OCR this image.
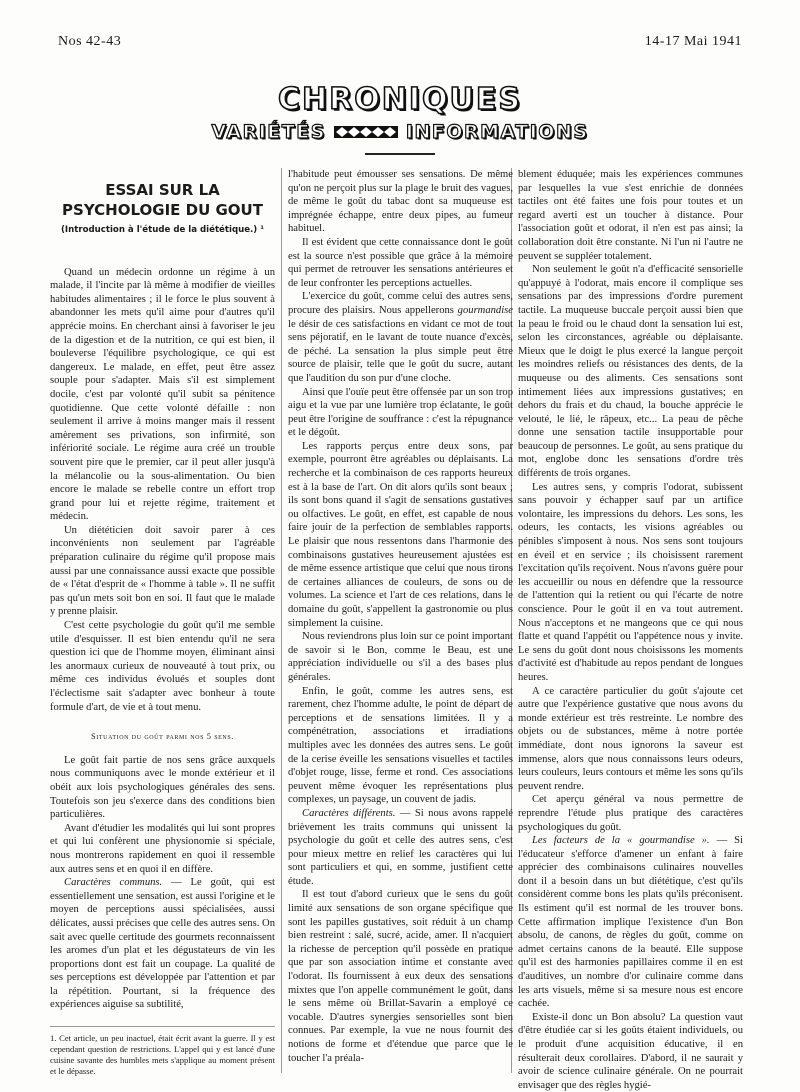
Nos 42-43	14-17 Mai 1941
CHRONIQUES
VARIÉTÉS	INFORMATIONS
ESSAI SUR LA PSYCHOLOGIE DU GOUT
(Introduction à l'étude de la diététique.) ¹

Quand un médecin ordonne un régime à un malade, il l'incite par là même à modifier de vieilles habitudes alimentaires ; il le force le plus souvent à abandonner les mets qu'il aime pour d'autres qu'il apprécie moins. En cherchant ainsi à favoriser le jeu de la digestion et de la nutrition, ce qui est bien, il bouleverse l'équilibre psychologique, ce qui est dangereux. Le malade, en effet, peut être assez souple pour s'adapter. Mais s'il est simplement docile, c'est par volonté qu'il subit sa pénitence quotidienne. Que cette volonté défaille : non seulement il arrive à moins manger mais il ressent amèrement ses privations, son infirmité, son infériorité sociale. Le régime aura créé un trouble souvent pire que le premier, car il peut aller jusqu'à la mélancolie ou la sous-alimentation. Ou bien encore le malade se rebelle contre un effort trop grand pour lui et rejette régime, traitement et médecin.

Un diététicien doit savoir parer à ces inconvénients non seulement par l'agréable préparation culinaire du régime qu'il propose mais aussi par une connaissance aussi exacte que possible de « l'état d'esprit de « l'homme à table ». Il ne suffit pas qu'un mets soit bon en soi. Il faut que le malade y prenne plaisir.

C'est cette psychologie du goût qu'il me semble utile d'esquisser. Il est bien entendu qu'il ne sera question ici que de l'homme moyen, éliminant ainsi les anormaux curieux de nouveauté à tout prix, ou même ces individus évolués et souples dont l'éclectisme sait s'adapter avec bonheur à toute formule d'art, de vie et à tout menu.

Situation du goût parmi nos 5 sens.

Le goût fait partie de nos sens grâce auxquels nous communiquons avec le monde extérieur et il obéit aux lois psychologiques générales des sens. Toutefois son jeu s'exerce dans des conditions bien particulières.

Avant d'étudier les modalités qui lui sont propres et qui lui confèrent une physionomie si spéciale, nous montrerons rapidement en quoi il ressemble aux autres sens et en quoi il en diffère.

Caractères communs. — Le goût, qui est essentiellement une sensation, est aussi l'origine et le moyen de perceptions aussi spécialisées, aussi délicates, aussi précises que celle des autres sens. On sait avec quelle certitude des gourmets reconnaissent les aromes d'un plat et les dégustateurs de vin les proportions dont est fait un coupage. La qualité de ses perceptions est développée par l'attention et par la répétition. Pourtant, si la fréquence des expériences aiguise sa subtilité,

1. Cet article, un peu inactuel, était écrit avant la guerre. Il y est cependant question de restrictions. L'appel qui y est lancé d'une cuisine savante des humbles mets s'applique au moment présent et le dépasse.

l'habitude peut émousser ses sensations. De même qu'on ne perçoit plus sur la plage le bruit des vagues, de même le goût du tabac dont sa muqueuse est imprégnée échappe, entre deux pipes, au fumeur habituel.

Il est évident que cette connaissance dont le goût est la source n'est possible que grâce à la mémoire qui permet de retrouver les sensations antérieures et de leur confronter les perceptions actuelles.

L'exercice du goût, comme celui des autres sens, procure des plaisirs. Nous appellerons gourmandise le désir de ces satisfactions en vidant ce mot de tout sens péjoratif, en le lavant de toute nuance d'excès, de péché. La sensation la plus simple peut être source de plaisir, telle que le goût du sucre, autant que l'audition du son pur d'une cloche.

Ainsi que l'ouïe peut être offensée par un son trop aigu et la vue par une lumière trop éclatante, le goût peut être l'origine de souffrance : c'est la répugnance et le dégoût.

Les rapports perçus entre deux sons, par exemple, pourront être agréables ou déplaisants. La recherche et la combinaison de ces rapports heureux est à la base de l'art. On dit alors qu'ils sont beaux ; ils sont bons quand il s'agit de sensations gustatives ou olfactives. Le goût, en effet, est capable de nous faire jouir de la perfection de semblables rapports. Le plaisir que nous ressentons dans l'harmonie des combinaisons gustatives heureusement ajustées est de même essence artistique que celui que nous tirons de certaines alliances de couleurs, de sons ou de volumes. La science et l'art de ces relations, dans le domaine du goût, s'appellent la gastronomie ou plus simplement la cuisine.

Nous reviendrons plus loin sur ce point important de savoir si le Bon, comme le Beau, est une appréciation individuelle ou s'il a des bases plus générales.

Enfin, le goût, comme les autres sens, est rarement, chez l'homme adulte, le point de départ de perceptions et de sensations limitées. Il y a compénétration, associations et irradiations multiples avec les données des autres sens. Le goût de la cerise éveille les sensations visuelles et tactiles d'objet rouge, lisse, ferme et rond. Ces associations peuvent même évoquer les représentations plus complexes, un paysage, un couvent de jadis.

Caractères différents. — Si nous avons rappelé brièvement les traits communs qui unissent la psychologie du goût et celle des autres sens, c'est pour mieux mettre en relief les caractères qui lui sont particuliers et qui, en somme, justifient cette étude.

Il est tout d'abord curieux que le sens du goût limité aux sensations de son organe spécifique que sont les papilles gustatives, soit réduit à un champ bien restreint : salé, sucré, acide, amer. Il n'acquiert la richesse de perception qu'il possède en pratique que par son association intime et constante avec l'odorat. Ils fournissent à eux deux des sensations mixtes que l'on appelle communément le goût, dans le sens même où Brillat-Savarin a employé ce vocable. D'autres synergies sensorielles sont bien connues. Par exemple, la vue ne nous fournit des notions de forme et d'étendue que parce que le toucher l'a préala-

blement éduquée; mais les expériences communes par lesquelles la vue s'est enrichie de données tactiles ont été faites une fois pour toutes et un regard averti est un toucher à distance. Pour l'association goût et odorat, il n'en est pas ainsi; la collaboration doit être constante. Ni l'un ni l'autre ne peuvent se suppléer totalement.

Non seulement le goût n'a d'efficacité sensorielle qu'appuyé à l'odorat, mais encore il complique ses sensations par des impressions d'ordre purement tactile. La muqueuse buccale perçoit aussi bien que la peau le froid ou le chaud dont la sensation lui est, selon les circonstances, agréable ou déplaisante. Mieux que le doigt le plus exercé la langue perçoit les moindres reliefs ou résistances des dents, de la muqueuse ou des aliments. Ces sensations sont intimement liées aux impressions gustatives; en dehors du frais et du chaud, la bouche apprécie le velouté, le lié, le râpeux, etc... La peau de pêche donne une sensation tactile insupportable pour beaucoup de personnes. Le goût, au sens pratique du mot, englobe donc les sensations d'ordre très différents de trois organes.

Les autres sens, y compris l'odorat, subissent sans pouvoir y échapper sauf par un artifice volontaire, les impressions du dehors. Les sons, les odeurs, les contacts, les visions agréables ou pénibles s'imposent à nous. Nos sens sont toujours en éveil et en service ; ils choisissent rarement l'excitation qu'ils reçoivent. Nous n'avons guère pour les accueillir ou nous en défendre que la ressource de l'attention qui la retient ou qui l'écarte de notre conscience. Pour le goût il en va tout autrement. Nous n'acceptons et ne mangeons que ce qui nous flatte et quand l'appétit ou l'appétence nous y invite. Le sens du goût dont nous choisissons les moments d'activité est d'habitude au repos pendant de longues heures.

A ce caractère particulier du goût s'ajoute cet autre que l'expérience gustative que nous avons du monde extérieur est très restreinte. Le nombre des objets ou de substances, même à notre portée immédiate, dont nous ignorons la saveur est immense, alors que nous connaissons leurs odeurs, leurs couleurs, leurs contours et même les sons qu'ils peuvent rendre.

Cet aperçu général va nous permettre de reprendre l'étude plus pratique des caractères psychologiques du goût.

Les facteurs de la « gourmandise ». — Si l'éducateur s'efforce d'amener un enfant à faire apprécier des combinaisons culinaires nouvelles dont il a besoin dans un but diététique, c'est qu'ils considèrent comme bons les plats qu'ils préconisent. Ils estiment qu'il est normal de les trouver bons. Cette affirmation implique l'existence d'un Bon absolu, de canons, de règles du goût, comme on admet certains canons de la beauté. Elle suppose qu'il est des harmonies papillaires comme il en est d'auditives, un nombre d'or culinaire comme dans les arts visuels, même si sa mesure nous est encore cachée.

Existe-il donc un Bon absolu? La question vaut d'être étudiée car si les goûts étaient individuels, ou le produit d'une acquisition éducative, il en résulterait deux corollaires. D'abord, il ne saurait y avoir de science culinaire générale. On ne pourrait envisager que des règles hygié-
